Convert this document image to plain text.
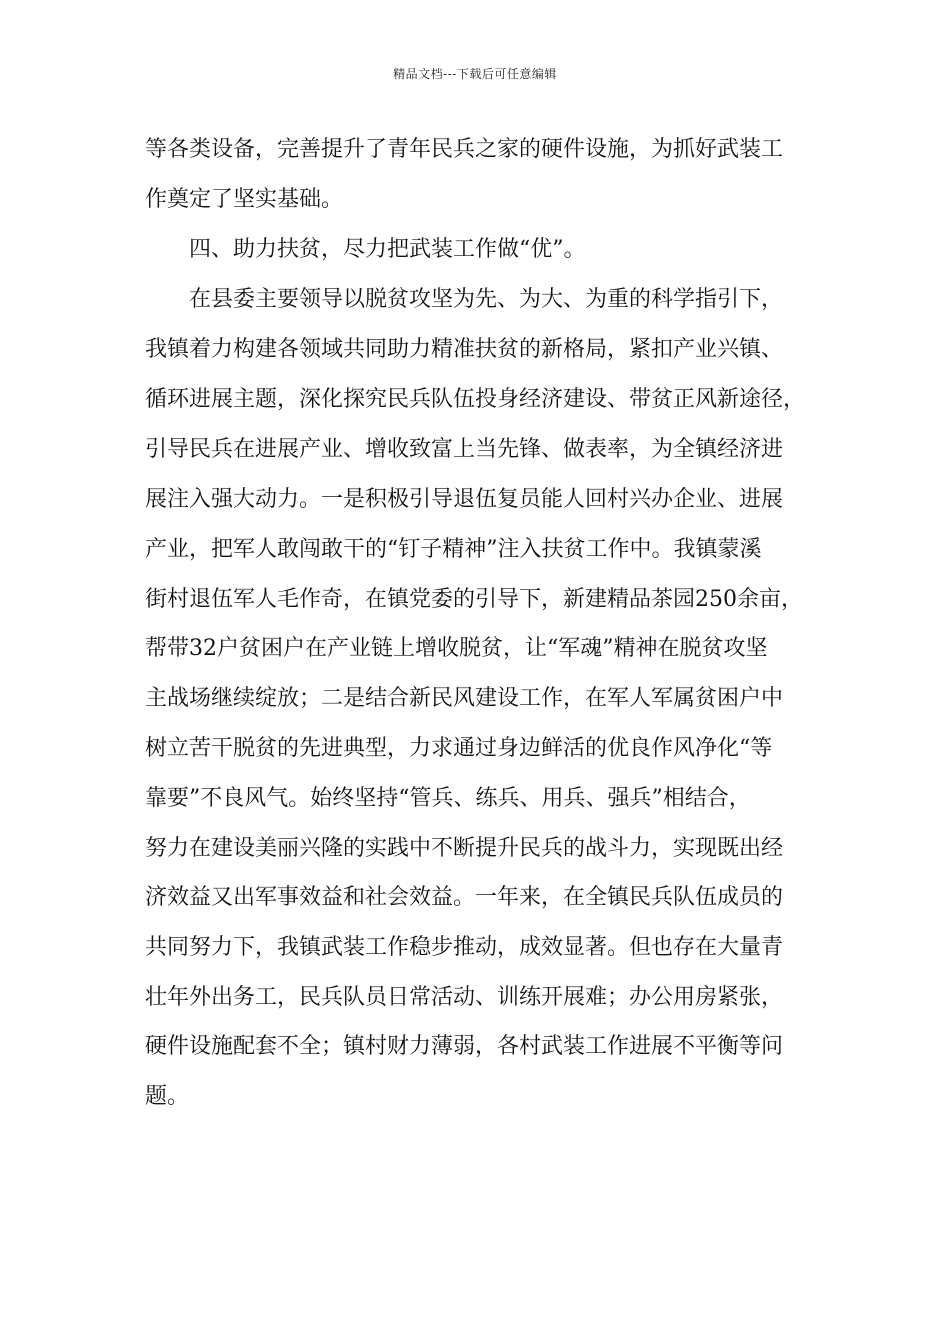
精品文档---下载后可任意编辑
等各类设备，完善提升了青年民兵之家的硬件设施，为抓好武装工
作奠定了坚实基础。
四、助力扶贫，尽力把武装工作做“优”。
在县委主要领导以脱贫攻坚为先、为大、为重的科学指引下，
我镇着力构建各领域共同助力精准扶贫的新格局，紧扣产业兴镇、
循环进展主题，深化探究民兵队伍投身经济建设、带贫正风新途径，
引导民兵在进展产业、增收致富上当先锋、做表率，为全镇经济进
展注入强大动力。一是积极引导退伍复员能人回村兴办企业、进展
产业，把军人敢闯敢干的“钉子精神”注入扶贫工作中。我镇蒙溪
街村退伍军人毛作奇，在镇党委的引导下，新建精品茶园250余亩，
帮带32户贫困户在产业链上增收脱贫，让“军魂”精神在脱贫攻坚
主战场继续绽放；二是结合新民风建设工作，在军人军属贫困户中
树立苦干脱贫的先进典型，力求通过身边鲜活的优良作风净化“等
靠要”不良风气。始终坚持“管兵、练兵、用兵、强兵”相结合，
努力在建设美丽兴隆的实践中不断提升民兵的战斗力，实现既出经
济效益又出军事效益和社会效益。一年来，在全镇民兵队伍成员的
共同努力下，我镇武装工作稳步推动，成效显著。但也存在大量青
壮年外出务工，民兵队员日常活动、训练开展难；办公用房紧张，
硬件设施配套不全；镇村财力薄弱，各村武装工作进展不平衡等问
题。
